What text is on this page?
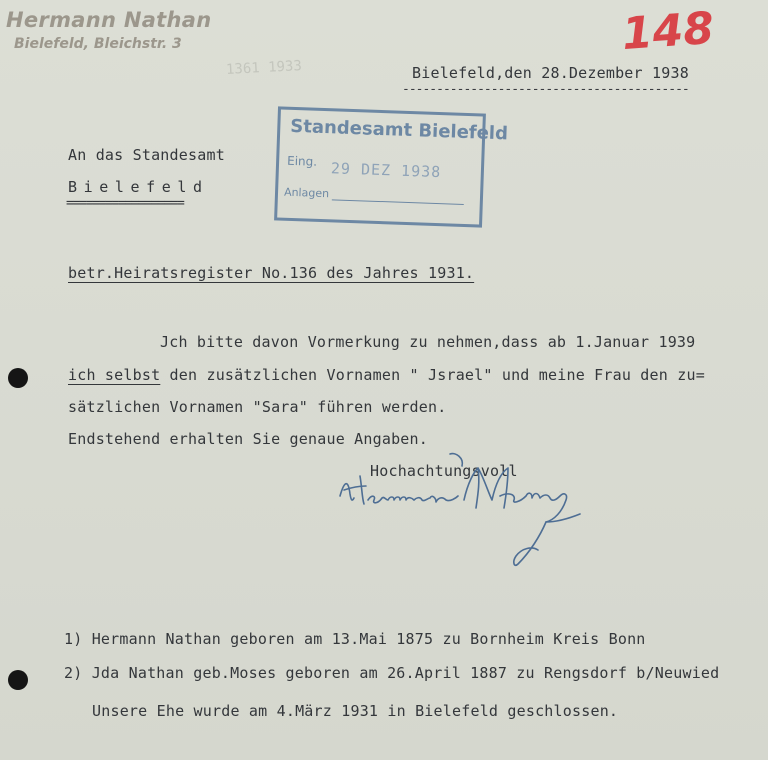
Hermann Nathan
Bielefeld, Bleichstr. 3
1361 1933
148
Bielefeld,den 28.Dezember 1938
------------------------------------------
An das Standesamt
Bielefeld
==================
Standesamt Bielefeld
Eing. 29 DEZ 1938
Anlagen
betr.Heiratsregister No.136 des Jahres 1931.
Jch bitte davon Vormerkung zu nehmen,dass ab 1.Januar 1939
ich selbst den zusätzlichen Vornamen " Jsrael" und meine Frau den zu=
sätzlichen Vornamen "Sara" führen werden.
Endstehend erhalten Sie genaue Angaben.
Hochachtungsvoll
1) Hermann Nathan geboren am 13.Mai 1875 zu Bornheim Kreis Bonn
2) Jda Nathan geb.Moses geboren am 26.April 1887 zu Rengsdorf b/Neuwied
Unsere Ehe wurde am 4.März 1931 in Bielefeld geschlossen.
